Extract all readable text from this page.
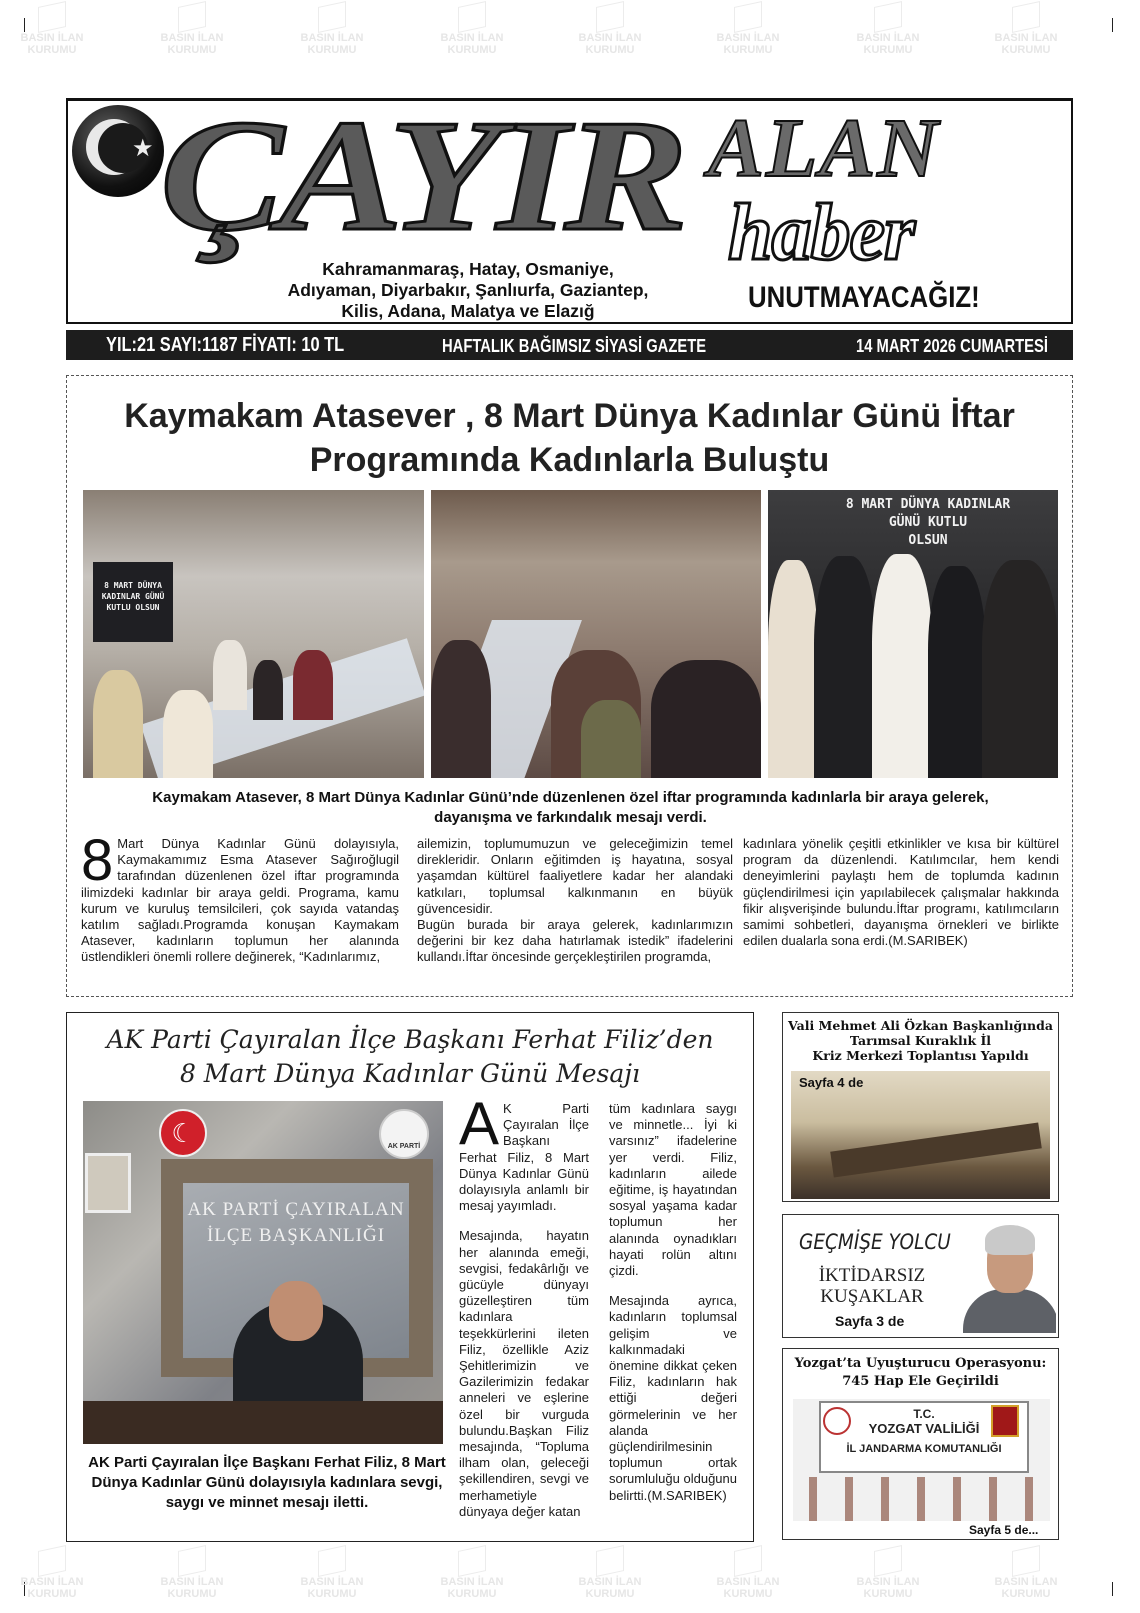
BASIN İLAN
KURUMU
BASIN İLAN
KURUMU
BASIN İLAN
KURUMU
BASIN İLAN
KURUMU
BASIN İLAN
KURUMU
BASIN İLAN
KURUMU
BASIN İLAN
KURUMU
BASIN İLAN
KURUMU
BASIN İLAN
KURUMU
BASIN İLAN
KURUMU
BASIN İLAN
KURUMU
BASIN İLAN
KURUMU
BASIN İLAN
KURUMU
BASIN İLAN
KURUMU
BASIN İLAN
KURUMU
BASIN İLAN
KURUMU
★ ÇAYIR ALAN
haber
Kahramanmaraş, Hatay, Osmaniye,
Adıyaman, Diyarbakır, Şanlıurfa, Gaziantep,
Kilis, Adana, Malatya ve Elazığ	UNUTMAYACAĞIZ!
YIL:21 SAYI:1187 FİYATI: 10 TL	HAFTALIK BAĞIMSIZ SİYASİ GAZETE	14 MART 2026 CUMARTESİ
Kaymakam Atasever , 8 Mart Dünya Kadınlar Günü İftar
Programında Kadınlarla Buluştu
8 MART DÜNYA KADINLAR GÜNÜ KUTLU OLSUN
8 MART DÜNYA KADINLAR
GÜNÜ KUTLU
OLSUN
Kaymakam Atasever, 8 Mart Dünya Kadınlar Günü’nde düzenlenen özel iftar programında kadınlarla bir araya gelerek,
dayanışma ve farkındalık mesajı verdi.
8 Mart Dünya Kadınlar Günü dolayısıyla, Kaymakamımız Esma Atasever Sağıroğlugil tarafından düzenlenen özel iftar programında ilimizdeki kadınlar bir araya geldi. Programa, kamu kurum ve kuruluş temsilcileri, çok sayıda vatandaş katılım sağladı.Programda konuşan Kaymakam Atasever, kadınların toplumun her alanında üstlendikleri önemli rollere değinerek, “Kadınlarımız,

ailemizin, toplumumuzun ve geleceğimizin temel direkleridir. Onların eğitimden iş hayatına, sosyal yaşamdan kültürel faaliyetlere kadar her alandaki katkıları, toplumsal kalkınmanın en büyük güvencesidir.

Bugün burada bir araya gelerek, kadınlarımızın değerini bir kez daha hatırlamak istedik” ifadelerini kullandı.İftar öncesinde gerçekleştirilen programda,

kadınlara yönelik çeşitli etkinlikler ve kısa bir kültürel program da düzenlendi. Katılımcılar, hem kendi deneyimlerini paylaştı hem de toplumda kadının güçlendirilmesi için yapılabilecek çalışmalar hakkında fikir alışverişinde bulundu.İftar programı, katılımcıların samimi sohbetleri, dayanışma örnekleri ve birlikte edilen dualarla sona erdi.(M.SARIBEK)
AK Parti Çayıralan İlçe Başkanı Ferhat Filiz’den
8 Mart Dünya Kadınlar Günü Mesajı
☾	AK PARTİ
AK PARTİ ÇAYIRALAN İLÇE BAŞKANLIĞI
AK Parti Çayıralan İlçe Başkanı Ferhat Filiz, 8 Mart Dünya Kadınlar Günü dolayısıyla kadınlara sevgi, saygı ve minnet mesajı iletti.

A K Parti Çayıralan İlçe Başkanı Ferhat Filiz, 8 Mart Dünya Kadınlar Günü dolayısıyla anlamlı bir mesaj yayımladı.

Mesajında, hayatın her alanında emeği, sevgisi, fedakârlığı ve gücüyle dünyayı güzelleştiren tüm kadınlara teşekkürlerini ileten Filiz, özellikle Aziz Şehitlerimizin ve Gazilerimizin fedakar anneleri ve eşlerine özel bir vurguda bulundu.Başkan Filiz mesajında, “Topluma ilham olan, geleceği şekillendiren, sevgi ve merhametiyle dünyaya değer katan

tüm kadınlara saygı ve minnetle... İyi ki varsınız” ifadelerine yer verdi. Filiz, kadınların ailede eğitime, iş hayatından sosyal yaşama kadar toplumun her alanında oynadıkları hayati rolün altını çizdi.

Mesajında ayrıca, kadınların toplumsal gelişim ve kalkınmadaki önemine dikkat çeken Filiz, kadınların hak ettiği değeri görmelerinin ve her alanda güçlendirilmesinin toplumun ortak sorumluluğu olduğunu belirtti.(M.SARIBEK)

Vali Mehmet Ali Özkan Başkanlığında
Tarımsal Kuraklık İl
Kriz Merkezi Toplantısı Yapıldı
Sayfa 4 de
GEÇMİŞE YOLCU
İKTİDARSIZ
KUŞAKLAR
Sayfa 3 de
Yozgat’ta Uyuşturucu Operasyonu:
745 Hap Ele Geçirildi
T.C.
YOZGAT VALİLİĞİ
İL JANDARMA KOMUTANLIĞI
Sayfa 5 de...
